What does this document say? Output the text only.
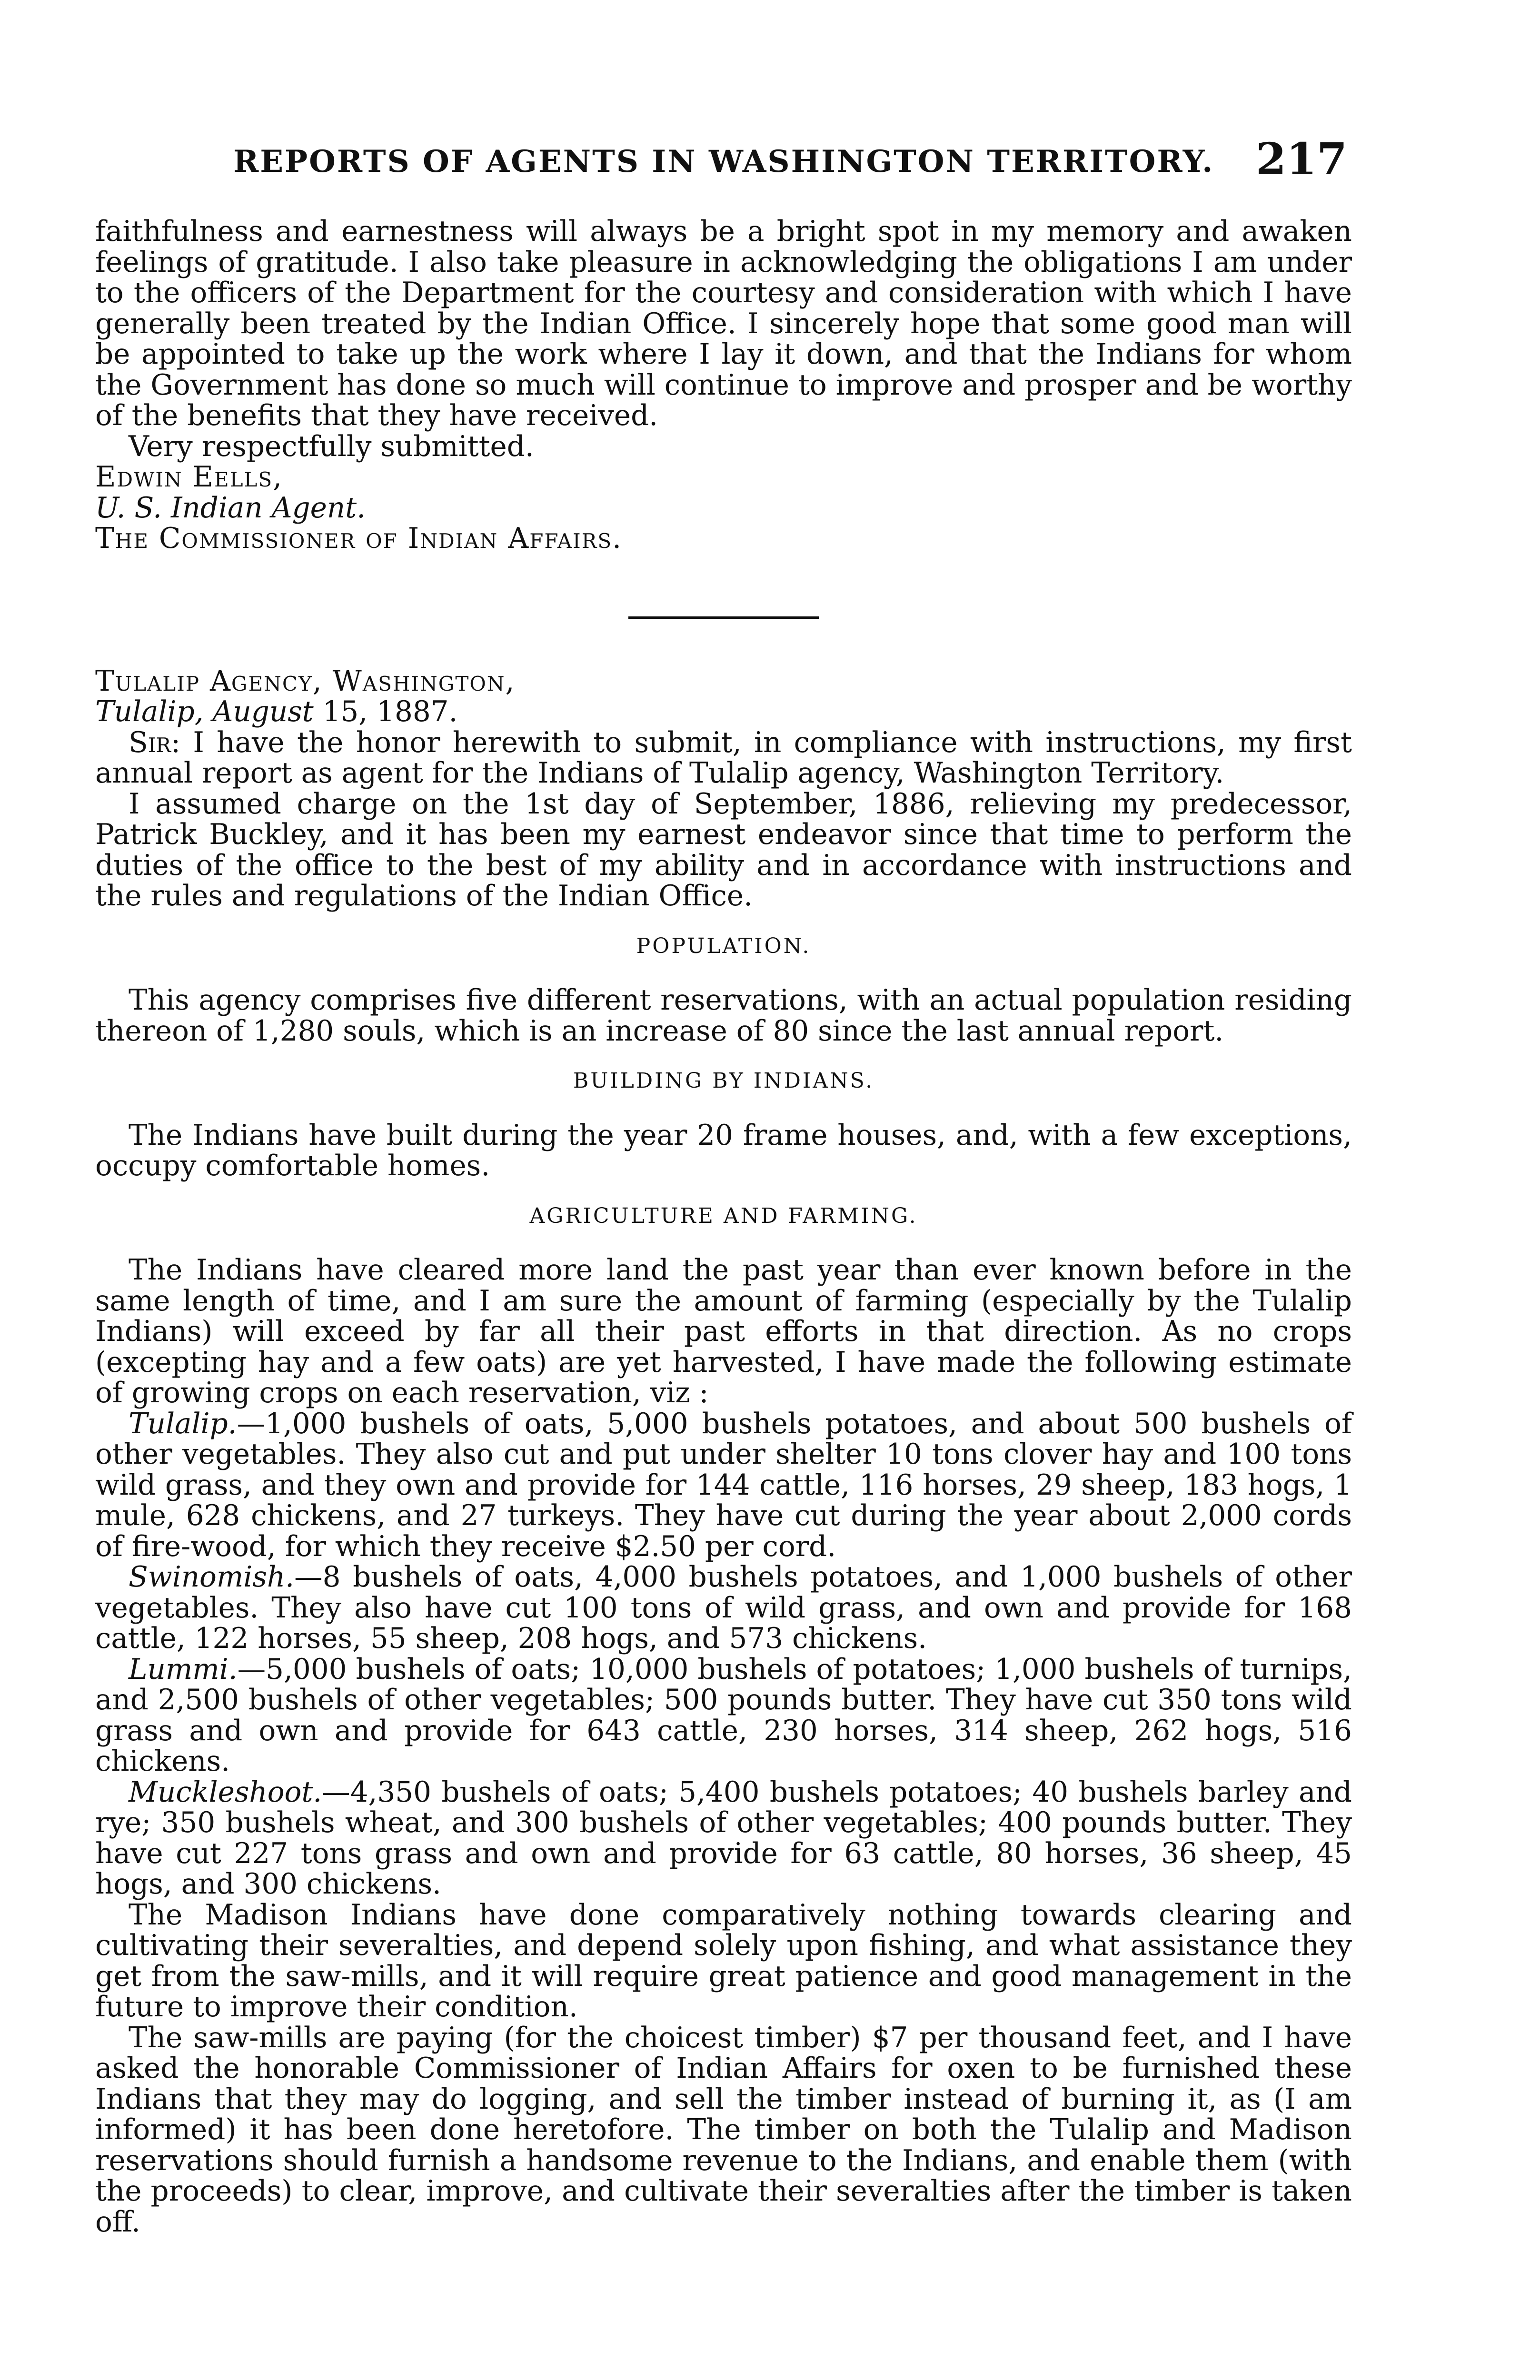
REPORTS OF AGENTS IN WASHINGTON TERRITORY. 217

faithfulness and earnestness will always be a bright spot in my memory and awaken feelings of gratitude. I also take pleasure in acknowledging the obligations I am under to the officers of the Department for the courtesy and consideration with which I have generally been treated by the Indian Office. I sincerely hope that some good man will be appointed to take up the work where I lay it down, and that the Indians for whom the Government has done so much will continue to improve and prosper and be worthy of the benefits that they have received.

Very respectfully submitted.

Edwin Eells,

U. S. Indian Agent.

The Commissioner of Indian Affairs.

Tulalip Agency, Washington,

Tulalip, August 15, 1887.

Sir: I have the honor herewith to submit, in compliance with instructions, my first annual report as agent for the Indians of Tulalip agency, Washington Territory.

I assumed charge on the 1st day of September, 1886, relieving my predecessor, Patrick Buckley, and it has been my earnest endeavor since that time to perform the duties of the office to the best of my ability and in accordance with instructions and the rules and regulations of the Indian Office.

POPULATION.

This agency comprises five different reservations, with an actual population residing thereon of 1,280 souls, which is an increase of 80 since the last annual report.

BUILDING BY INDIANS.

The Indians have built during the year 20 frame houses, and, with a few exceptions, occupy comfortable homes.

AGRICULTURE AND FARMING.

The Indians have cleared more land the past year than ever known before in the same length of time, and I am sure the amount of farming (especially by the Tulalip Indians) will exceed by far all their past efforts in that direction. As no crops (excepting hay and a few oats) are yet harvested, I have made the following estimate of growing crops on each reservation, viz :

Tulalip.—1,000 bushels of oats, 5,000 bushels potatoes, and about 500 bushels of other vegetables. They also cut and put under shelter 10 tons clover hay and 100 tons wild grass, and they own and provide for 144 cattle, 116 horses, 29 sheep, 183 hogs, 1 mule, 628 chickens, and 27 turkeys. They have cut during the year about 2,000 cords of fire-wood, for which they receive $2.50 per cord.

Swinomish.—8 bushels of oats, 4,000 bushels potatoes, and 1,000 bushels of other vegetables. They also have cut 100 tons of wild grass, and own and provide for 168 cattle, 122 horses, 55 sheep, 208 hogs, and 573 chickens.

Lummi.—5,000 bushels of oats; 10,000 bushels of potatoes; 1,000 bushels of turnips, and 2,500 bushels of other vegetables; 500 pounds butter. They have cut 350 tons wild grass and own and provide for 643 cattle, 230 horses, 314 sheep, 262 hogs, 516 chickens.

Muckleshoot.—4,350 bushels of oats; 5,400 bushels potatoes; 40 bushels barley and rye; 350 bushels wheat, and 300 bushels of other vegetables; 400 pounds butter. They have cut 227 tons grass and own and provide for 63 cattle, 80 horses, 36 sheep, 45 hogs, and 300 chickens.

The Madison Indians have done comparatively nothing towards clearing and cultivating their severalties, and depend solely upon fishing, and what assistance they get from the saw-mills, and it will require great patience and good management in the future to improve their condition.

The saw-mills are paying (for the choicest timber) $7 per thousand feet, and I have asked the honorable Commissioner of Indian Affairs for oxen to be furnished these Indians that they may do logging, and sell the timber instead of burning it, as (I am informed) it has been done heretofore. The timber on both the Tulalip and Madison reservations should furnish a handsome revenue to the Indians, and enable them (with the proceeds) to clear, improve, and cultivate their severalties after the timber is taken off.
